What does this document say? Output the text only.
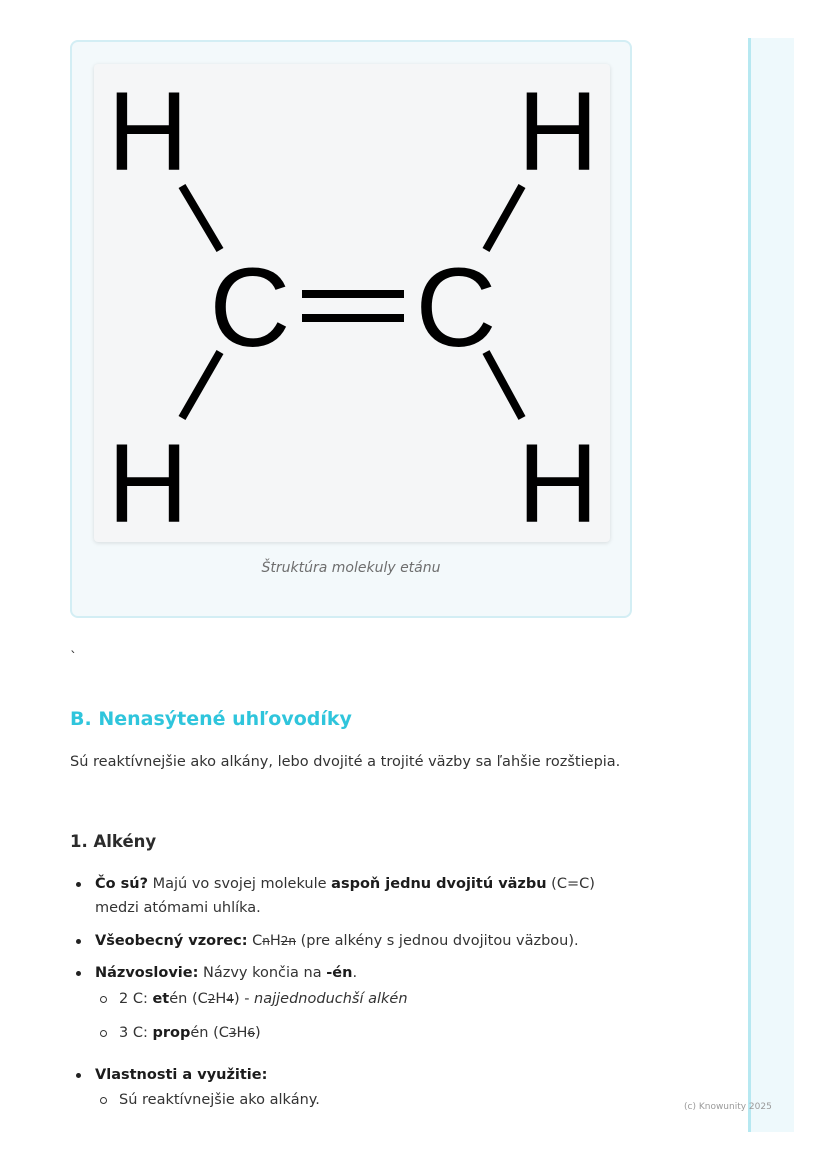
H	H
C C
H	H
Štruktúra molekuly etánu
`
B. Nenasýtené uhľovodíky

Sú reaktívnejšie ako alkány, lebo dvojité a trojité väzby sa ľahšie rozštiepia.

1. Alkény
Čo sú? Majú vo svojej molekule aspoň jednu dvojitú väzbu (C=C) medzi atómami uhlíka.
Všeobecný vzorec: CnH2n (pre alkény s jednou dvojitou väzbou).
Názvoslovie: Názvy končia na -én.
2 C: etén (C2H4) - najjednoduchší alkén
3 C: propén (C3H6)
Vlastnosti a využitie:
Sú reaktívnejšie ako alkány.	(c) Knowunity 2025
